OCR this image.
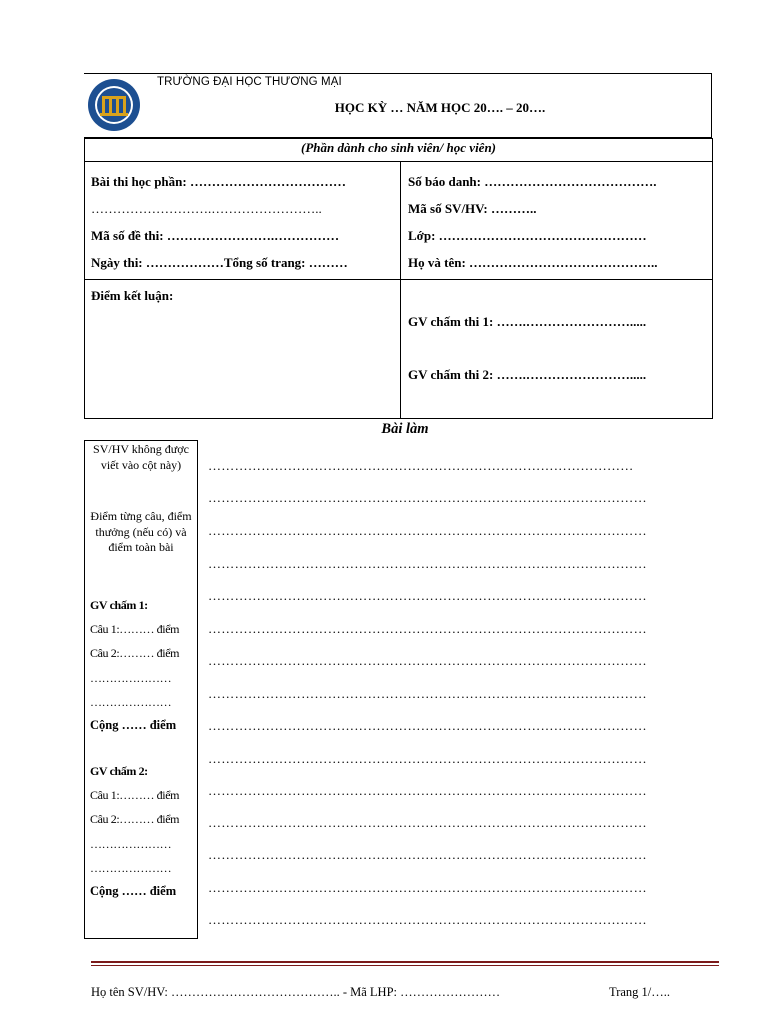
TRƯỜNG ĐẠI HỌC THƯƠNG MẠI
HỌC KỲ … NĂM HỌC 20…. – 20….
(Phần dành cho sinh viên/ học viên)
Bài thi học phần: ………………………………
……………………….……………………..
Mã số đề thi: …………………….……………
Ngày thi: ………………Tổng số trang: ………
Điểm kết luận:
Số báo danh: ………………………………….
Mã số SV/HV: ………..
Lớp: …………………………………………
Họ và tên: ……………………………………..
GV chấm thi 1: …….…………………….....
GV chấm thi 2: …….…………………….....
Bài làm
SV/HV không được viết vào cột này)
Điểm từng câu, điểm thưởng (nếu có) và điểm toàn bài
GV chấm 1:
Câu 1:……… điểm
Câu 2:……… điểm
…………………
…………………
Cộng …… điểm
GV chấm 2:
Câu 1:……… điểm
Câu 2:……… điểm
…………………
…………………
Cộng …… điểm
……………………………………………………………………………………
………………………………………………………………………………………
………………………………………………………………………………………
………………………………………………………………………………………
………………………………………………………………………………………
………………………………………………………………………………………
………………………………………………………………………………………
………………………………………………………………………………………
………………………………………………………………………………………
………………………………………………………………………………………
………………………………………………………………………………………
………………………………………………………………………………………
………………………………………………………………………………………
………………………………………………………………………………………
………………………………………………………………………………………
Họ tên SV/HV: ………………………………….. - Mã LHP: ……………………	Trang 1/…..
